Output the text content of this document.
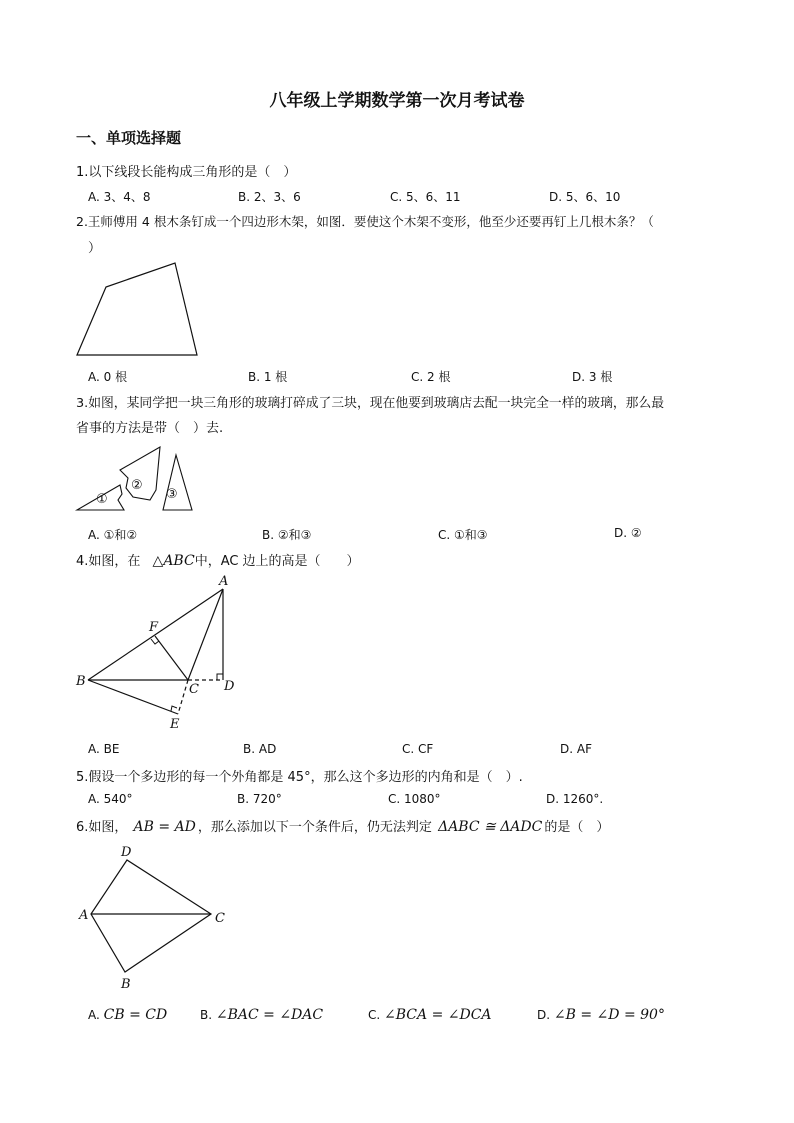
八年级上学期数学第一次月考试卷
一、单项选择题
1.以下线段长能构成三角形的是（　）
A. 3、4、8	B. 2、3、6	C. 5、6、11	D. 5、6、10
2.王师傅用 4 根木条钉成一个四边形木架，如图．要使这个木架不变形，他至少还要再钉上几根木条？（
）
A. 0 根	B. 1 根	C. 2 根	D. 3 根
3.如图，某同学把一块三角形的玻璃打碎成了三块，现在他要到玻璃店去配一块完全一样的玻璃，那么最
省事的方法是带（　）去.
①
②
③
A. ①和②	B. ②和③	C. ①和③	D. ②
4.如图，在 △ABC中，AC 边上的高是（　　）
A
B
C D
E
F
A. BE	B. AD	C. CF	D. AF
5.假设一个多边形的每一个外角都是 45°，那么这个多边形的内角和是（　）.
A. 540°	B. 720°	C. 1080°	D. 1260°.
6.如图， AB = AD ，那么添加以下一个条件后，仍无法判定 ΔABC ≅ ΔADC 的是（　）
A
D
C
B
A. CB = CD	B. ∠BAC = ∠DAC	C. ∠BCA = ∠DCA	D. ∠B = ∠D = 90°
